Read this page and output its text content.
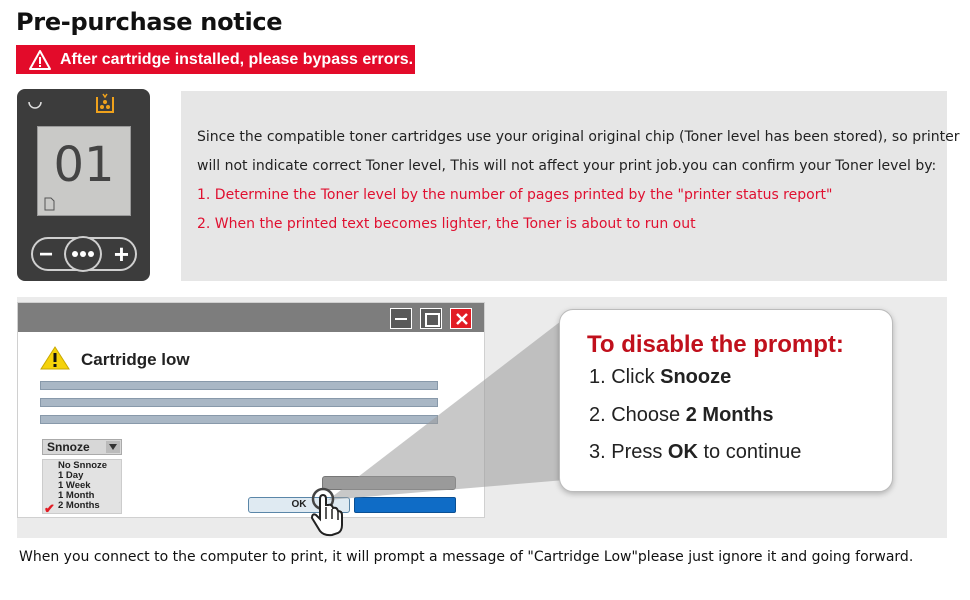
Pre-purchase notice
After cartridge installed, please bypass errors.
01
− +

Since the compatible toner cartridges use your original original chip (Toner level has been stored), so printer

will not indicate correct Toner level, This will not affect your print job.you can confirm your Toner level by:

1. Determine the Toner level by the number of pages printed by the "printer status report"

2. When the printed text becomes lighter, the Toner is about to run out

Cartridge low
Snnoze
No Snnoze
1 Day
1 Week
1 Month
2 Months
✔	OK
To disable the prompt:
1. Click Snooze
2. Choose 2 Months
3. Press OK to continue
When you connect to the computer to print, it will prompt a message of "Cartridge Low"please just ignore it and going forward.
